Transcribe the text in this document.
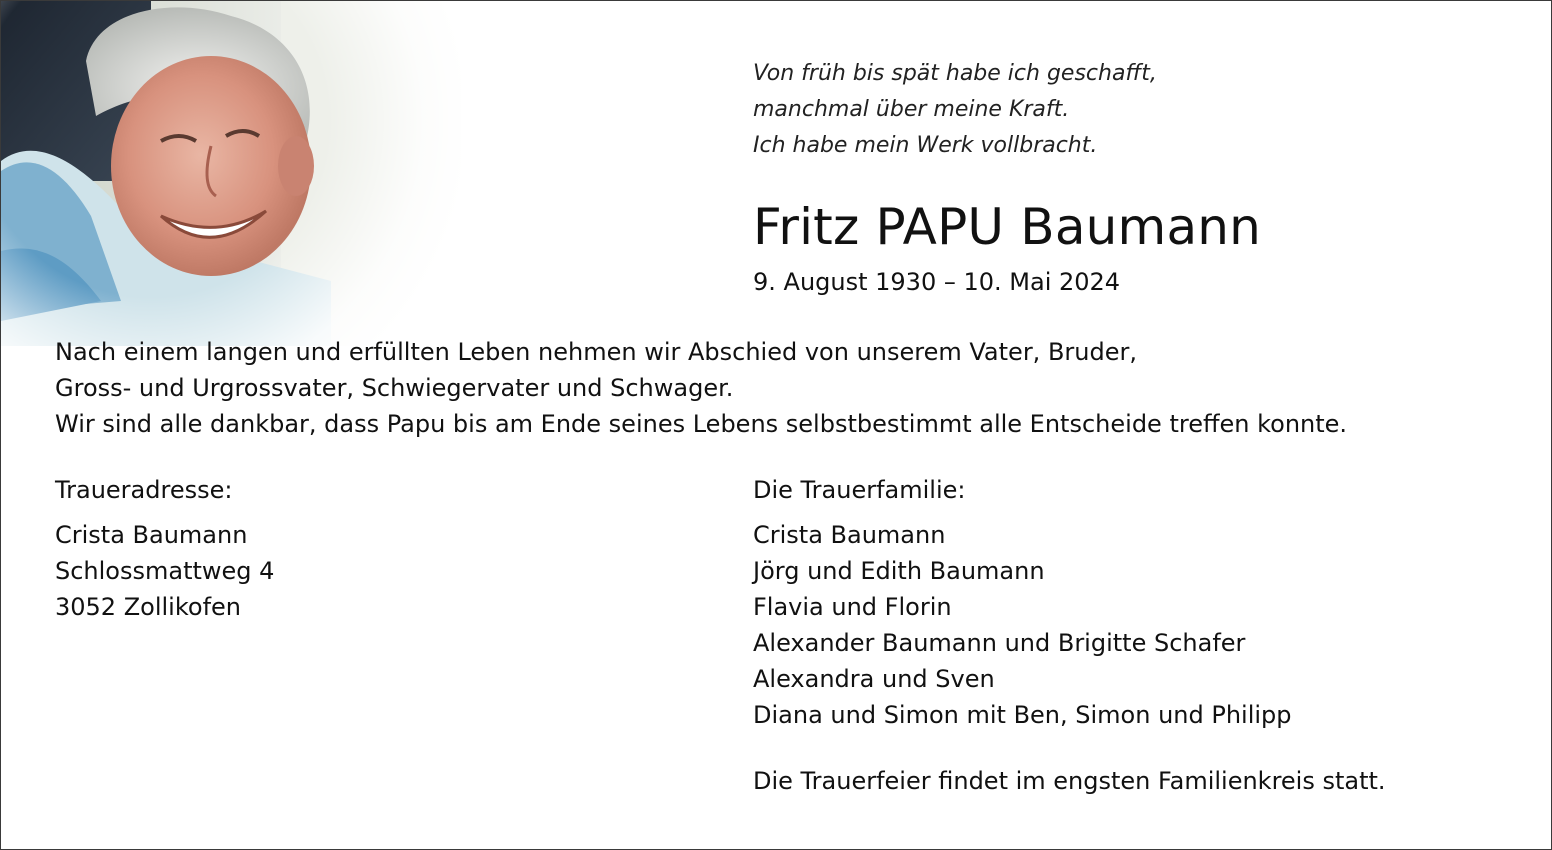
Von früh bis spät habe ich geschafft,
manchmal über meine Kraft.
Ich habe mein Werk vollbracht.
Fritz PAPU Baumann
9. August 1930 – 10. Mai 2024
Nach einem langen und erfüllten Leben nehmen wir Abschied von unserem Vater, Bruder,
Gross- und Urgrossvater, Schwiegervater und Schwager.
Wir sind alle dankbar, dass Papu bis am Ende seines Lebens selbstbestimmt alle Entscheide treffen konnte.
Traueradresse:
Crista Baumann
Schlossmattweg 4
3052 Zollikofen
Die Trauerfamilie:
Crista Baumann
Jörg und Edith Baumann
Flavia und Florin
Alexander Baumann und Brigitte Schafer
Alexandra und Sven
Diana und Simon mit Ben, Simon und Philipp
Die Trauerfeier findet im engsten Familienkreis statt.
